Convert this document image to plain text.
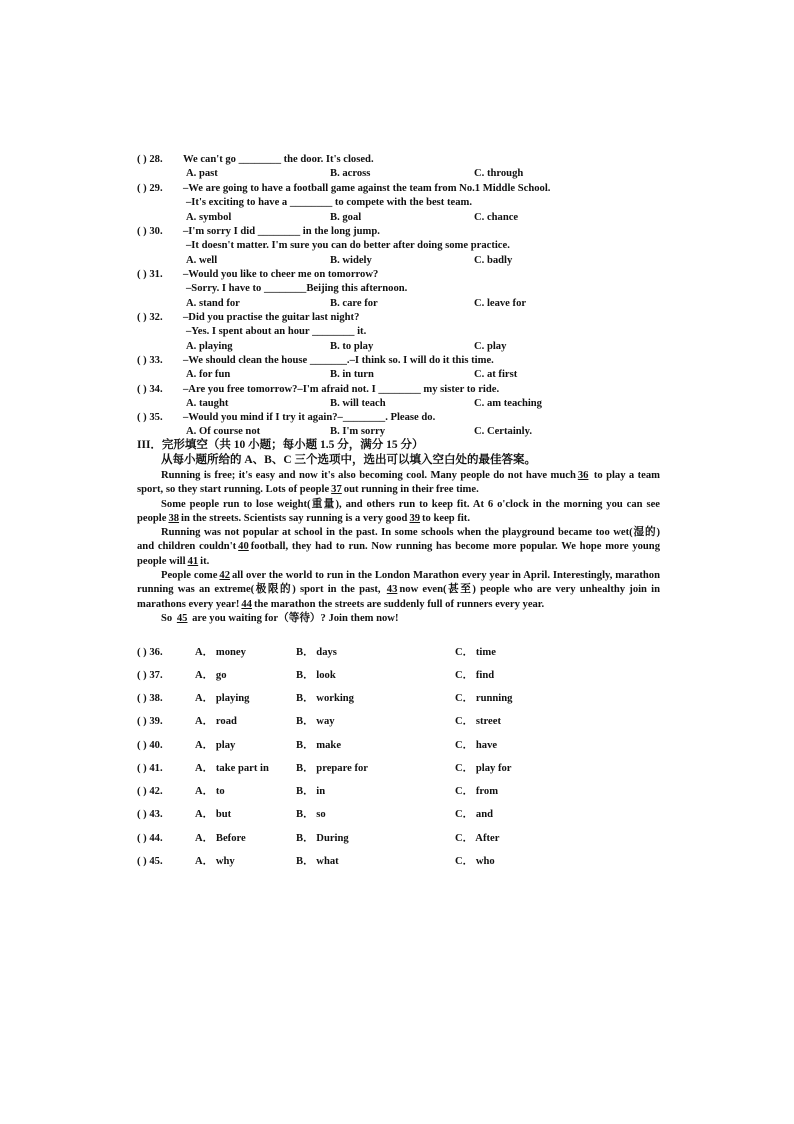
( ) 28. We can't go ________ the door. It's closed.
A. past	B. across	C. through
( ) 29. –We are going to have a football game against the team from No.1 Middle School.
–It's exciting to have a ________ to compete with the best team.
A. symbol	B. goal	C. chance
( ) 30. –I'm sorry I did ________ in the long jump.
–It doesn't matter. I'm sure you can do better after doing some practice.
A. well	B. widely	C. badly
( ) 31. –Would you like to cheer me on tomorrow?
–Sorry. I have to ________Beijing this afternoon.
A. stand for	B. care for	C. leave for
( ) 32. –Did you practise the guitar last night?
–Yes. I spent about an hour ________ it.
A. playing	B. to play	C. play
( ) 33. –We should clean the house _______.–I think so. I will do it this time.
A. for fun	B. in turn	C. at first
( ) 34. –Are you free tomorrow?–I'm afraid not. I ________ my sister to ride.
A. taught	B. will teach	C. am teaching
( ) 35. –Would you mind if I try it again?–________. Please do.
A. Of course not	B. I'm sorry	C. Certainly.
III．完形填空（共 10 小题；每小题 1.5 分，满分 15 分）
从每小题所给的 A、B、C 三个选项中，选出可以填入空白处的最佳答案。

Running is free; it's easy and now it's also becoming cool. Many people do not have much 36 to play a team sport, so they start running. Lots of people 37 out running in their free time.

Some people run to lose weight(重量), and others run to keep fit. At 6 o'clock in the morning you can see people 38 in the streets. Scientists say running is a very good 39 to keep fit.

Running was not popular at school in the past. In some schools when the playground became too wet(湿的) and children couldn't 40 football, they had to run. Now running has become more popular. We hope more young people will 41 it.

People come 42 all over the world to run in the London Marathon every year in April. Interestingly, marathon running was an extreme(极限的) sport in the past, 43 now even(甚至) people who are very unhealthy join in marathons every year! 44 the marathon the streets are suddenly full of runners every year.

So 45 are you waiting for（等待）? Join them now!

( ) 36.	A． money	B． days	C． time
( ) 37.	A． go	B． look	C． find
( ) 38.	A． playing	B． working	C． running
( ) 39.	A． road	B． way	C． street
( ) 40.	A． play	B． make	C． have
( ) 41.	A． take part in	B． prepare for	C． play for
( ) 42.	A． to	B． in	C． from
( ) 43.	A． but	B． so	C． and
( ) 44.	A． Before	B． During	C． After
( ) 45.	A． why	B． what	C． who
